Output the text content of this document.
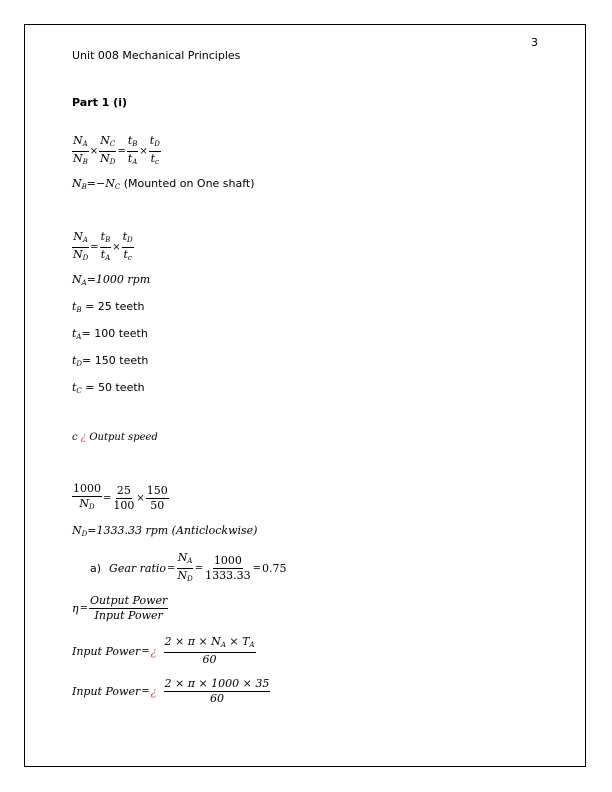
3
Unit 008 Mechanical Principles
Part 1 (i)
$\frac{N_A}{N_B} \times \frac{N_C}{N_D} = \frac{t_B}{t_A} \times \frac{t_D}{t_c}$
$N_B=-N_C$ (Mounted on One shaft)
$\frac{N_A}{N_D} = \frac{t_B}{t_A} \times \frac{t_D}{t_c}$
$N_A=1000$ rpm
$t_B = 25$ teeth
$t_A= 100$ teeth
$t_D= 150$ teeth
$t_C = 50$ teeth
c ¿ Output speed
$\frac{1000}{N_D} = \frac{25}{100} \times \frac{150}{50}$
$N_D=1333.33$ rpm (Anticlockwise)
a) Gear ratio = $\frac{N_A}{N_D} = \frac{1000}{1333.33} = 0.75$
$\eta = \frac{\text{Output Power}}{\text{Input Power}}$
Input Power = ¿
$\frac{2 \times \pi \times N_A \times T_A}{60}$
Input Power = ¿
$\frac{2 \times \pi \times 1000 \times 35}{60}$
